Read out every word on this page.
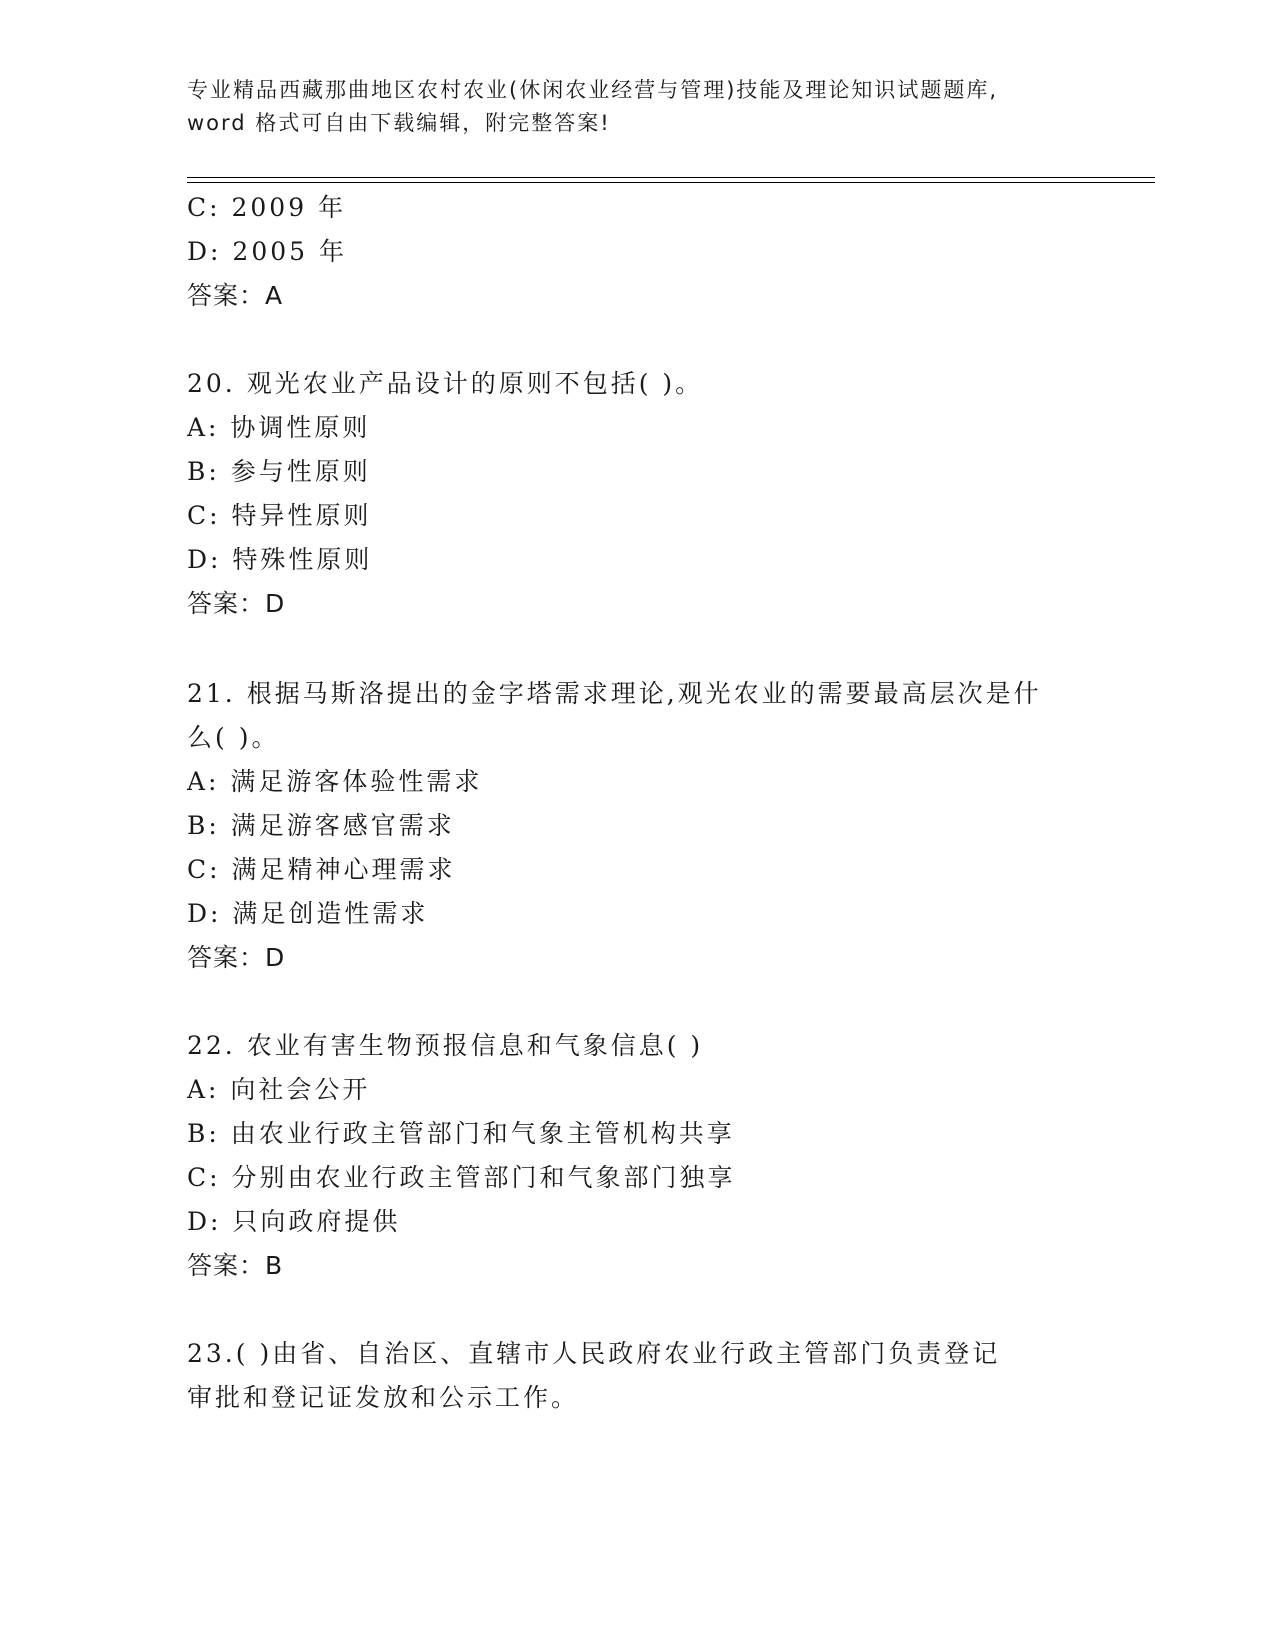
专业精品西藏那曲地区农村农业(休闲农业经营与管理)技能及理论知识试题题库,
word 格式可自由下载编辑，附完整答案!
C: 2009 年
D: 2005 年
答案：A
20. 观光农业产品设计的原则不包括( )。
A: 协调性原则
B: 参与性原则
C: 特异性原则
D: 特殊性原则
答案：D
21. 根据马斯洛提出的金字塔需求理论,观光农业的需要最高层次是什
么( )。
A: 满足游客体验性需求
B: 满足游客感官需求
C: 满足精神心理需求
D: 满足创造性需求
答案：D
22. 农业有害生物预报信息和气象信息( )
A: 向社会公开
B: 由农业行政主管部门和气象主管机构共享
C: 分别由农业行政主管部门和气象部门独享
D: 只向政府提供
答案：B
23.( )由省、自治区、直辖市人民政府农业行政主管部门负责登记
审批和登记证发放和公示工作。
